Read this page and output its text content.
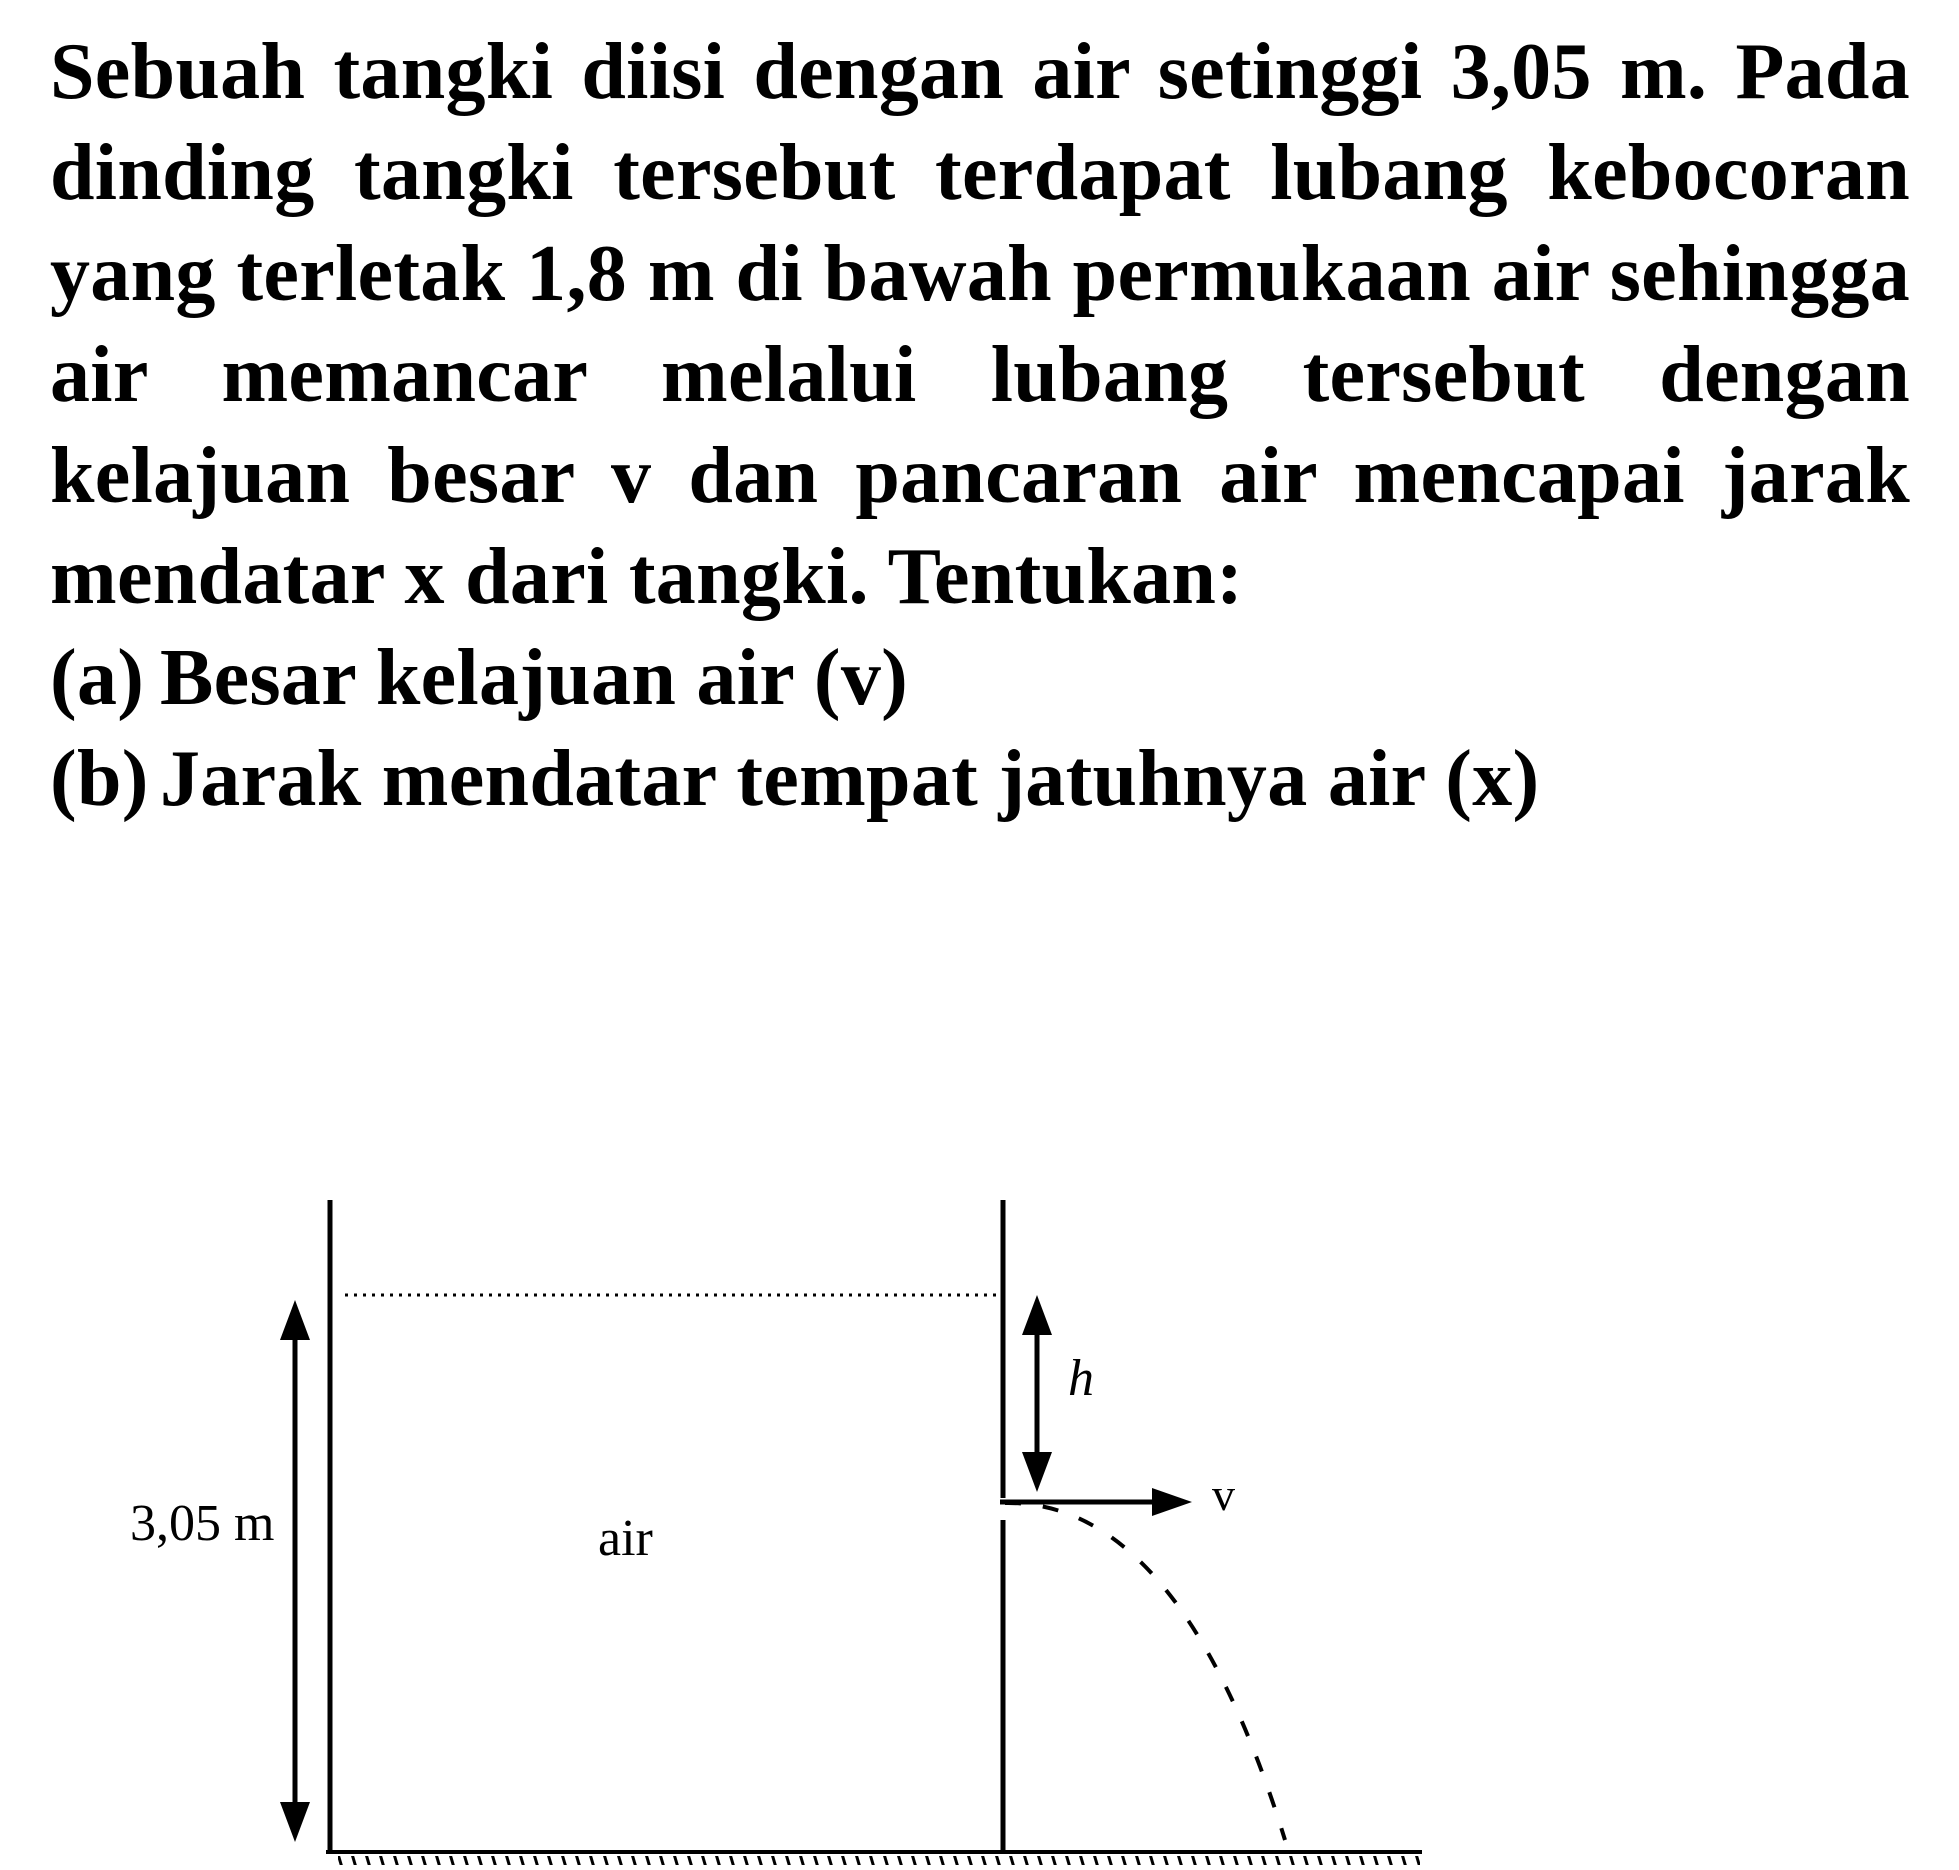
Sebuah tangki diisi dengan air setinggi 3,05 m. Pada dinding tangki tersebut terdapat lubang kebocoran yang terletak 1,8 m di bawah permukaan air sehingga air memancar melalui lubang tersebut dengan kelajuan besar v dan pancaran air mencapai jarak mendatar x dari tangki. Tentukan:

(a) Besar kelajuan air (v)
(b) Jarak mendatar tempat jatuhnya air (x)
3,05 m	air
h
v
